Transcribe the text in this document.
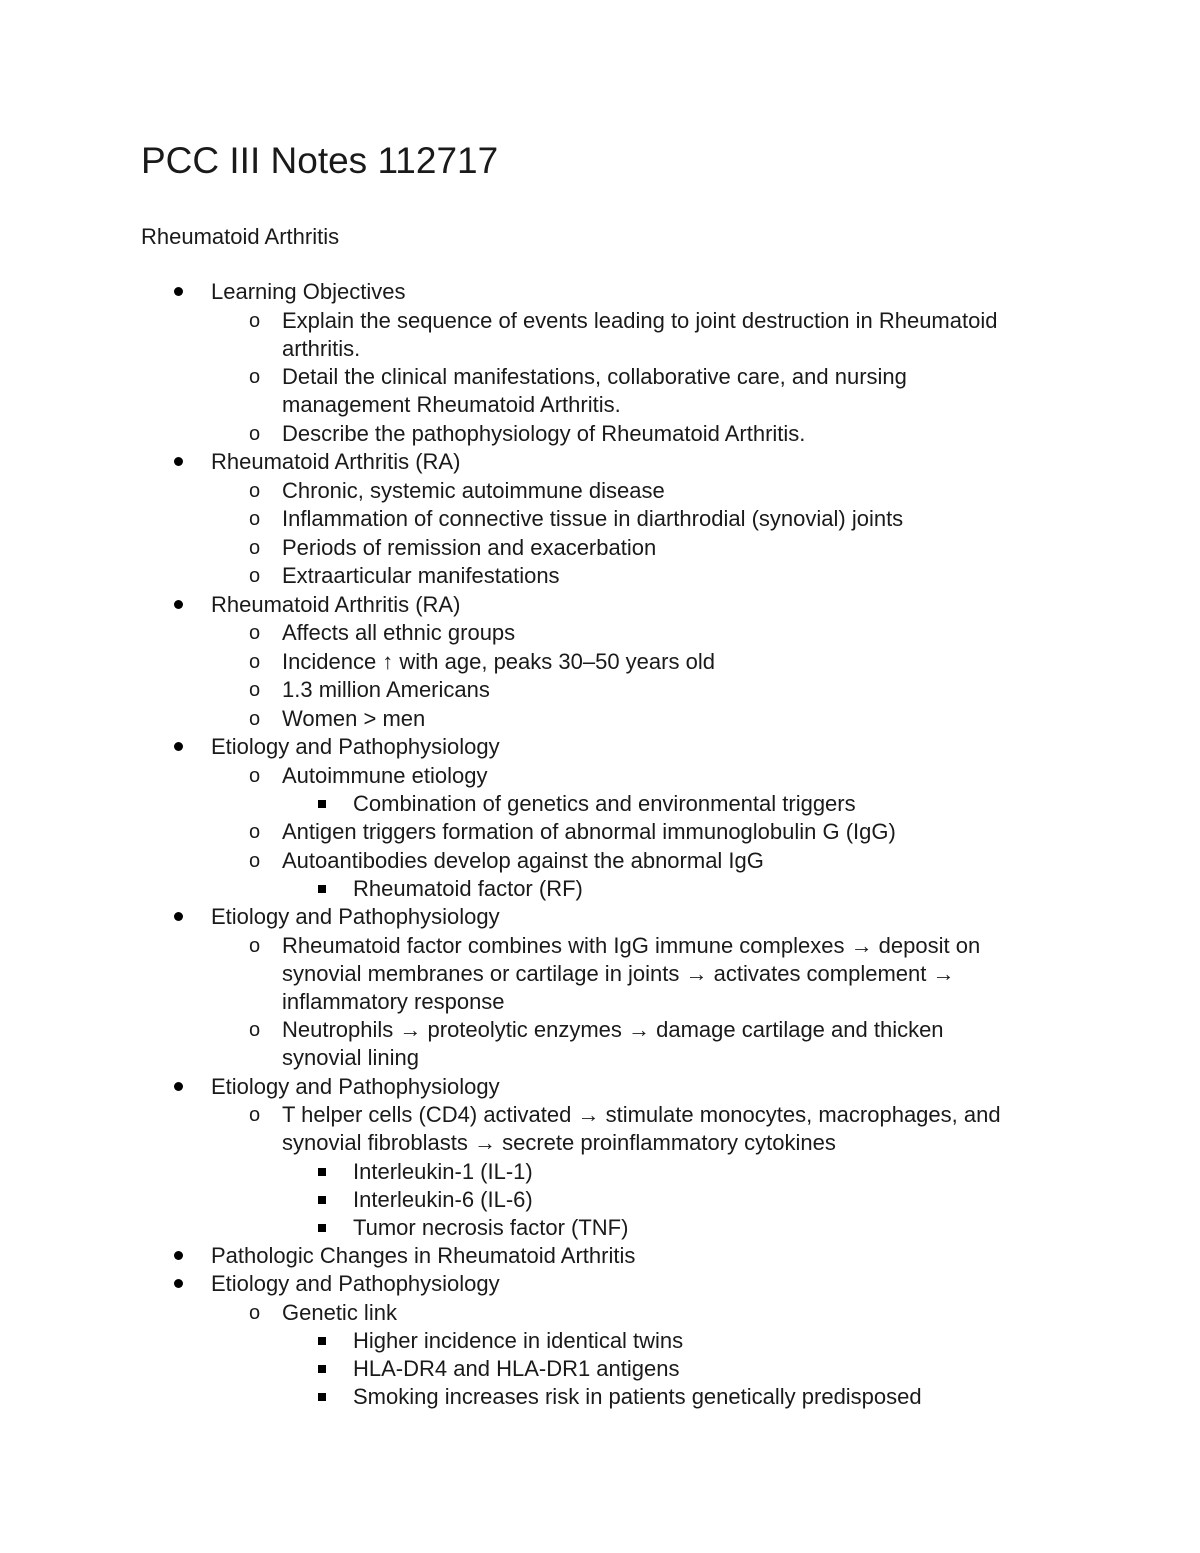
PCC III Notes 112717
Rheumatoid Arthritis
Learning Objectives
o Explain the sequence of events leading to joint destruction in Rheumatoid
arthritis.
o Detail the clinical manifestations, collaborative care, and nursing
management Rheumatoid Arthritis.
o Describe the pathophysiology of Rheumatoid Arthritis.
Rheumatoid Arthritis (RA)
o Chronic, systemic autoimmune disease
o Inflammation of connective tissue in diarthrodial (synovial) joints
o Periods of remission and exacerbation
o Extraarticular manifestations
Rheumatoid Arthritis (RA)
o Affects all ethnic groups
o Incidence ↑ with age, peaks 30–50 years old
o 1.3 million Americans
o Women > men
Etiology and Pathophysiology
o Autoimmune etiology
Combination of genetics and environmental triggers
o Antigen triggers formation of abnormal immunoglobulin G (IgG)
o Autoantibodies develop against the abnormal IgG
Rheumatoid factor (RF)
Etiology and Pathophysiology
o Rheumatoid factor combines with IgG immune complexes → deposit on
synovial membranes or cartilage in joints → activates complement →
inflammatory response
o Neutrophils → proteolytic enzymes → damage cartilage and thicken
synovial lining
Etiology and Pathophysiology
o T helper cells (CD4) activated → stimulate monocytes, macrophages, and
synovial fibroblasts → secrete proinflammatory cytokines
Interleukin-1 (IL-1)
Interleukin-6 (IL-6)
Tumor necrosis factor (TNF)
Pathologic Changes in Rheumatoid Arthritis
Etiology and Pathophysiology
o Genetic link
Higher incidence in identical twins
HLA-DR4 and HLA-DR1 antigens
Smoking increases risk in patients genetically predisposed
